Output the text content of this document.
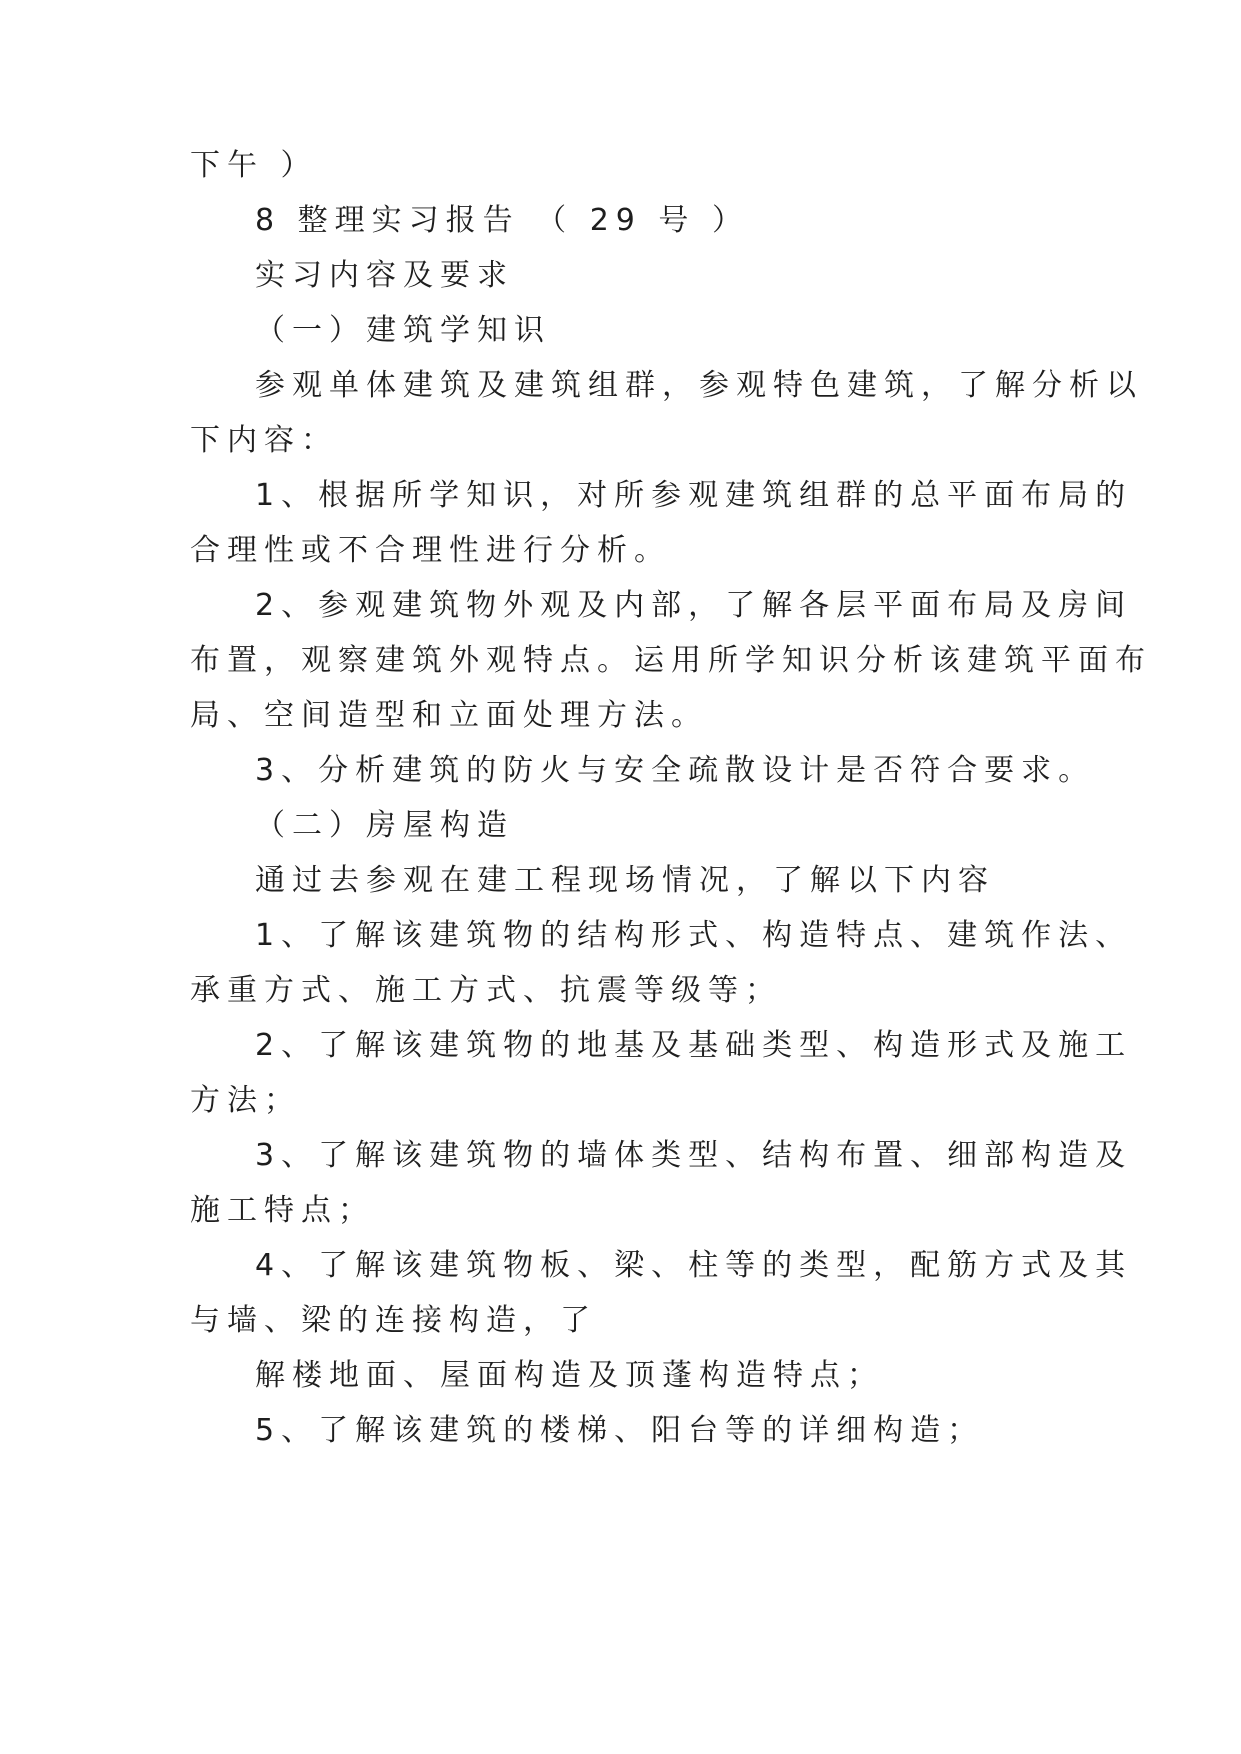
下午 ）

8 整理实习报告 （ 29 号 ）

实习内容及要求

（一）建筑学知识

参观单体建筑及建筑组群，参观特色建筑，了解分析以

下内容：

1、根据所学知识，对所参观建筑组群的总平面布局的

合理性或不合理性进行分析。

2、参观建筑物外观及内部，了解各层平面布局及房间

布置，观察建筑外观特点。运用所学知识分析该建筑平面布

局、空间造型和立面处理方法。

3、分析建筑的防火与安全疏散设计是否符合要求。

（二）房屋构造

通过去参观在建工程现场情况，了解以下内容

1、了解该建筑物的结构形式、构造特点、建筑作法、

承重方式、施工方式、抗震等级等；

2、了解该建筑物的地基及基础类型、构造形式及施工

方法；

3、了解该建筑物的墙体类型、结构布置、细部构造及

施工特点；

4、了解该建筑物板、梁、柱等的类型，配筋方式及其

与墙、梁的连接构造，了

解楼地面、屋面构造及顶蓬构造特点；

5、了解该建筑的楼梯、阳台等的详细构造；
